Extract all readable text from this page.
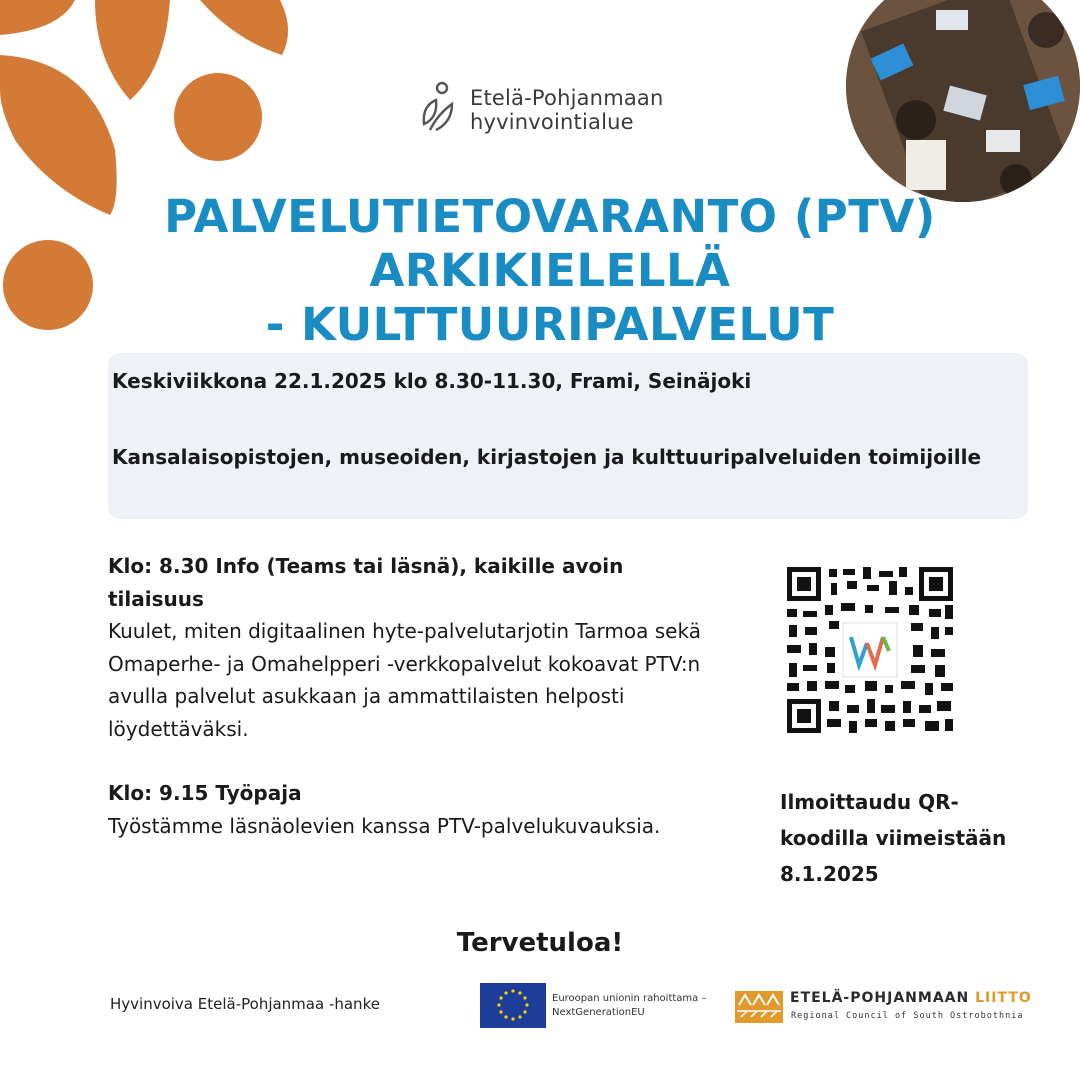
Etelä-Pohjanmaan
hyvinvointialue
PALVELUTIETOVARANTO (PTV)
ARKIKIELELLÄ
- KULTTUURIPALVELUT
Keskiviikkona 22.1.2025 klo 8.30-11.30, Frami, Seinäjoki
Kansalaisopistojen, museoiden, kirjastojen ja kulttuuripalveluiden toimijoille
Klo: 8.30 Info (Teams tai läsnä), kaikille avoin tilaisuus
Kuulet, miten digitaalinen hyte-palvelutarjotin Tarmoa sekä Omaperhe- ja Omahelpperi -verkkopalvelut kokoavat PTV:n avulla palvelut asukkaan ja ammattilaisten helposti löydettäväksi.
Klo: 9.15 Työpaja
Työstämme läsnäolevien kanssa PTV-palvelukuvauksia.
Ilmoittaudu QR-koodilla viimeistään 8.1.2025
Tervetuloa!
Hyvinvoiva Etelä-Pohjanmaa -hanke	Euroopan unionin rahoittama –
NextGenerationEU
ETELÄ-POHJANMAAN LIITTO
Regional Council of South Ostrobothnia
